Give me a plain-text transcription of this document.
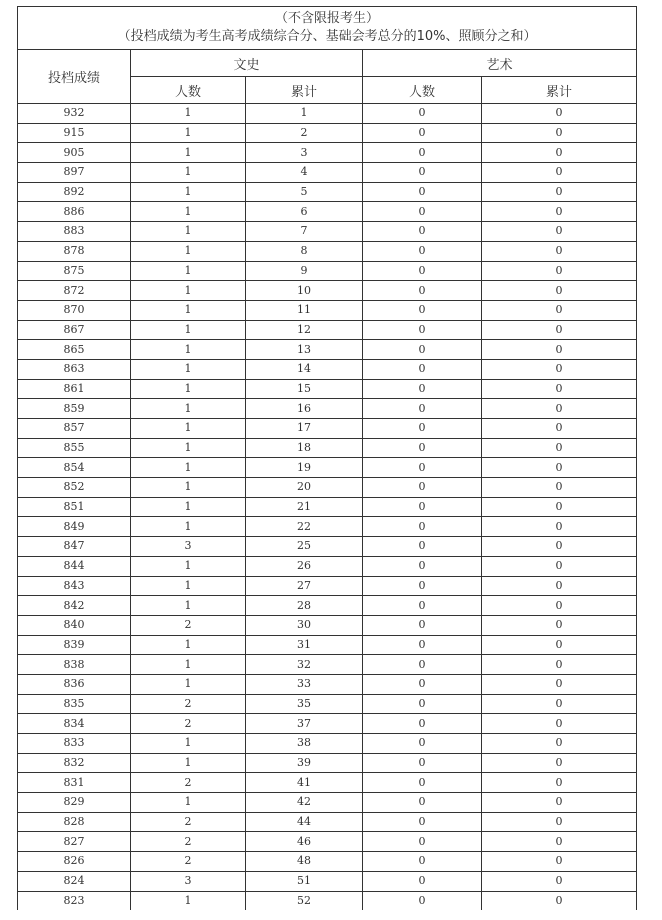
（不含限报考生）
（投档成绩为考生高考成绩综合分、基础会考总分的10%、照顾分之和）				

投档成绩	文史		艺术	
	人数	累计	人数	累计
932	1	1	0	0
915	1	2	0	0
905	1	3	0	0
897	1	4	0	0
892	1	5	0	0
886	1	6	0	0
883	1	7	0	0
878	1	8	0	0
875	1	9	0	0
872	1	10	0	0
870	1	11	0	0
867	1	12	0	0
865	1	13	0	0
863	1	14	0	0
861	1	15	0	0
859	1	16	0	0
857	1	17	0	0
855	1	18	0	0
854	1	19	0	0
852	1	20	0	0
851	1	21	0	0
849	1	22	0	0
847	3	25	0	0
844	1	26	0	0
843	1	27	0	0
842	1	28	0	0
840	2	30	0	0
839	1	31	0	0
838	1	32	0	0
836	1	33	0	0
835	2	35	0	0
834	2	37	0	0
833	1	38	0	0
832	1	39	0	0
831	2	41	0	0
829	1	42	0	0
828	2	44	0	0
827	2	46	0	0
826	2	48	0	0
824	3	51	0	0
823	1	52	0	0
